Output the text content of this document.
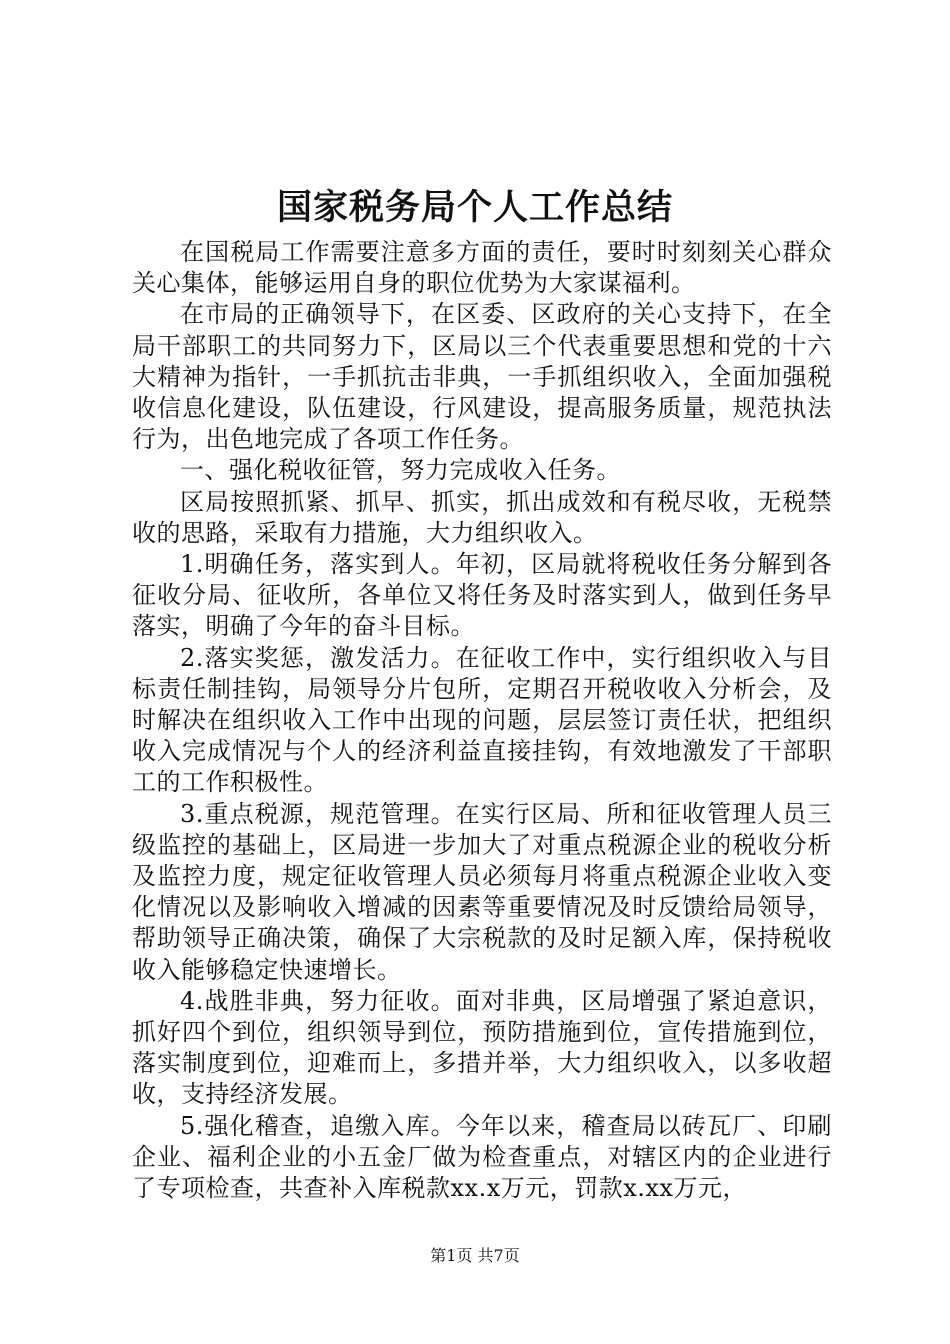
国家税务局个人工作总结

在国税局工作需要注意多方面的责任，要时时刻刻关心群众关心集体，能够运用自身的职位优势为大家谋福利。

在市局的正确领导下，在区委、区政府的关心支持下，在全局干部职工的共同努力下，区局以三个代表重要思想和党的十六大精神为指针，一手抓抗击非典，一手抓组织收入，全面加强税收信息化建设，队伍建设，行风建设，提高服务质量，规范执法行为，出色地完成了各项工作任务。

一、强化税收征管，努力完成收入任务。

区局按照抓紧、抓早、抓实，抓出成效和有税尽收，无税禁收的思路，采取有力措施，大力组织收入。

1.明确任务，落实到人。年初，区局就将税收任务分解到各征收分局、征收所，各单位又将任务及时落实到人，做到任务早落实，明确了今年的奋斗目标。

2.落实奖惩，激发活力。在征收工作中，实行组织收入与目标责任制挂钩，局领导分片包所，定期召开税收收入分析会，及时解决在组织收入工作中出现的问题，层层签订责任状，把组织收入完成情况与个人的经济利益直接挂钩，有效地激发了干部职工的工作积极性。

3.重点税源，规范管理。在实行区局、所和征收管理人员三级监控的基础上，区局进一步加大了对重点税源企业的税收分析及监控力度，规定征收管理人员必须每月将重点税源企业收入变化情况以及影响收入增减的因素等重要情况及时反馈给局领导，帮助领导正确决策，确保了大宗税款的及时足额入库，保持税收收入能够稳定快速增长。

4.战胜非典，努力征收。面对非典，区局增强了紧迫意识，抓好四个到位，组织领导到位，预防措施到位，宣传措施到位，落实制度到位，迎难而上，多措并举，大力组织收入，以多收超收，支持经济发展。

5.强化稽查，追缴入库。今年以来，稽查局以砖瓦厂、印刷企业、福利企业的小五金厂做为检查重点，对辖区内的企业进行了专项检查，共查补入库税款xx.x万元，罚款x.xx万元，

第1页 共7页
